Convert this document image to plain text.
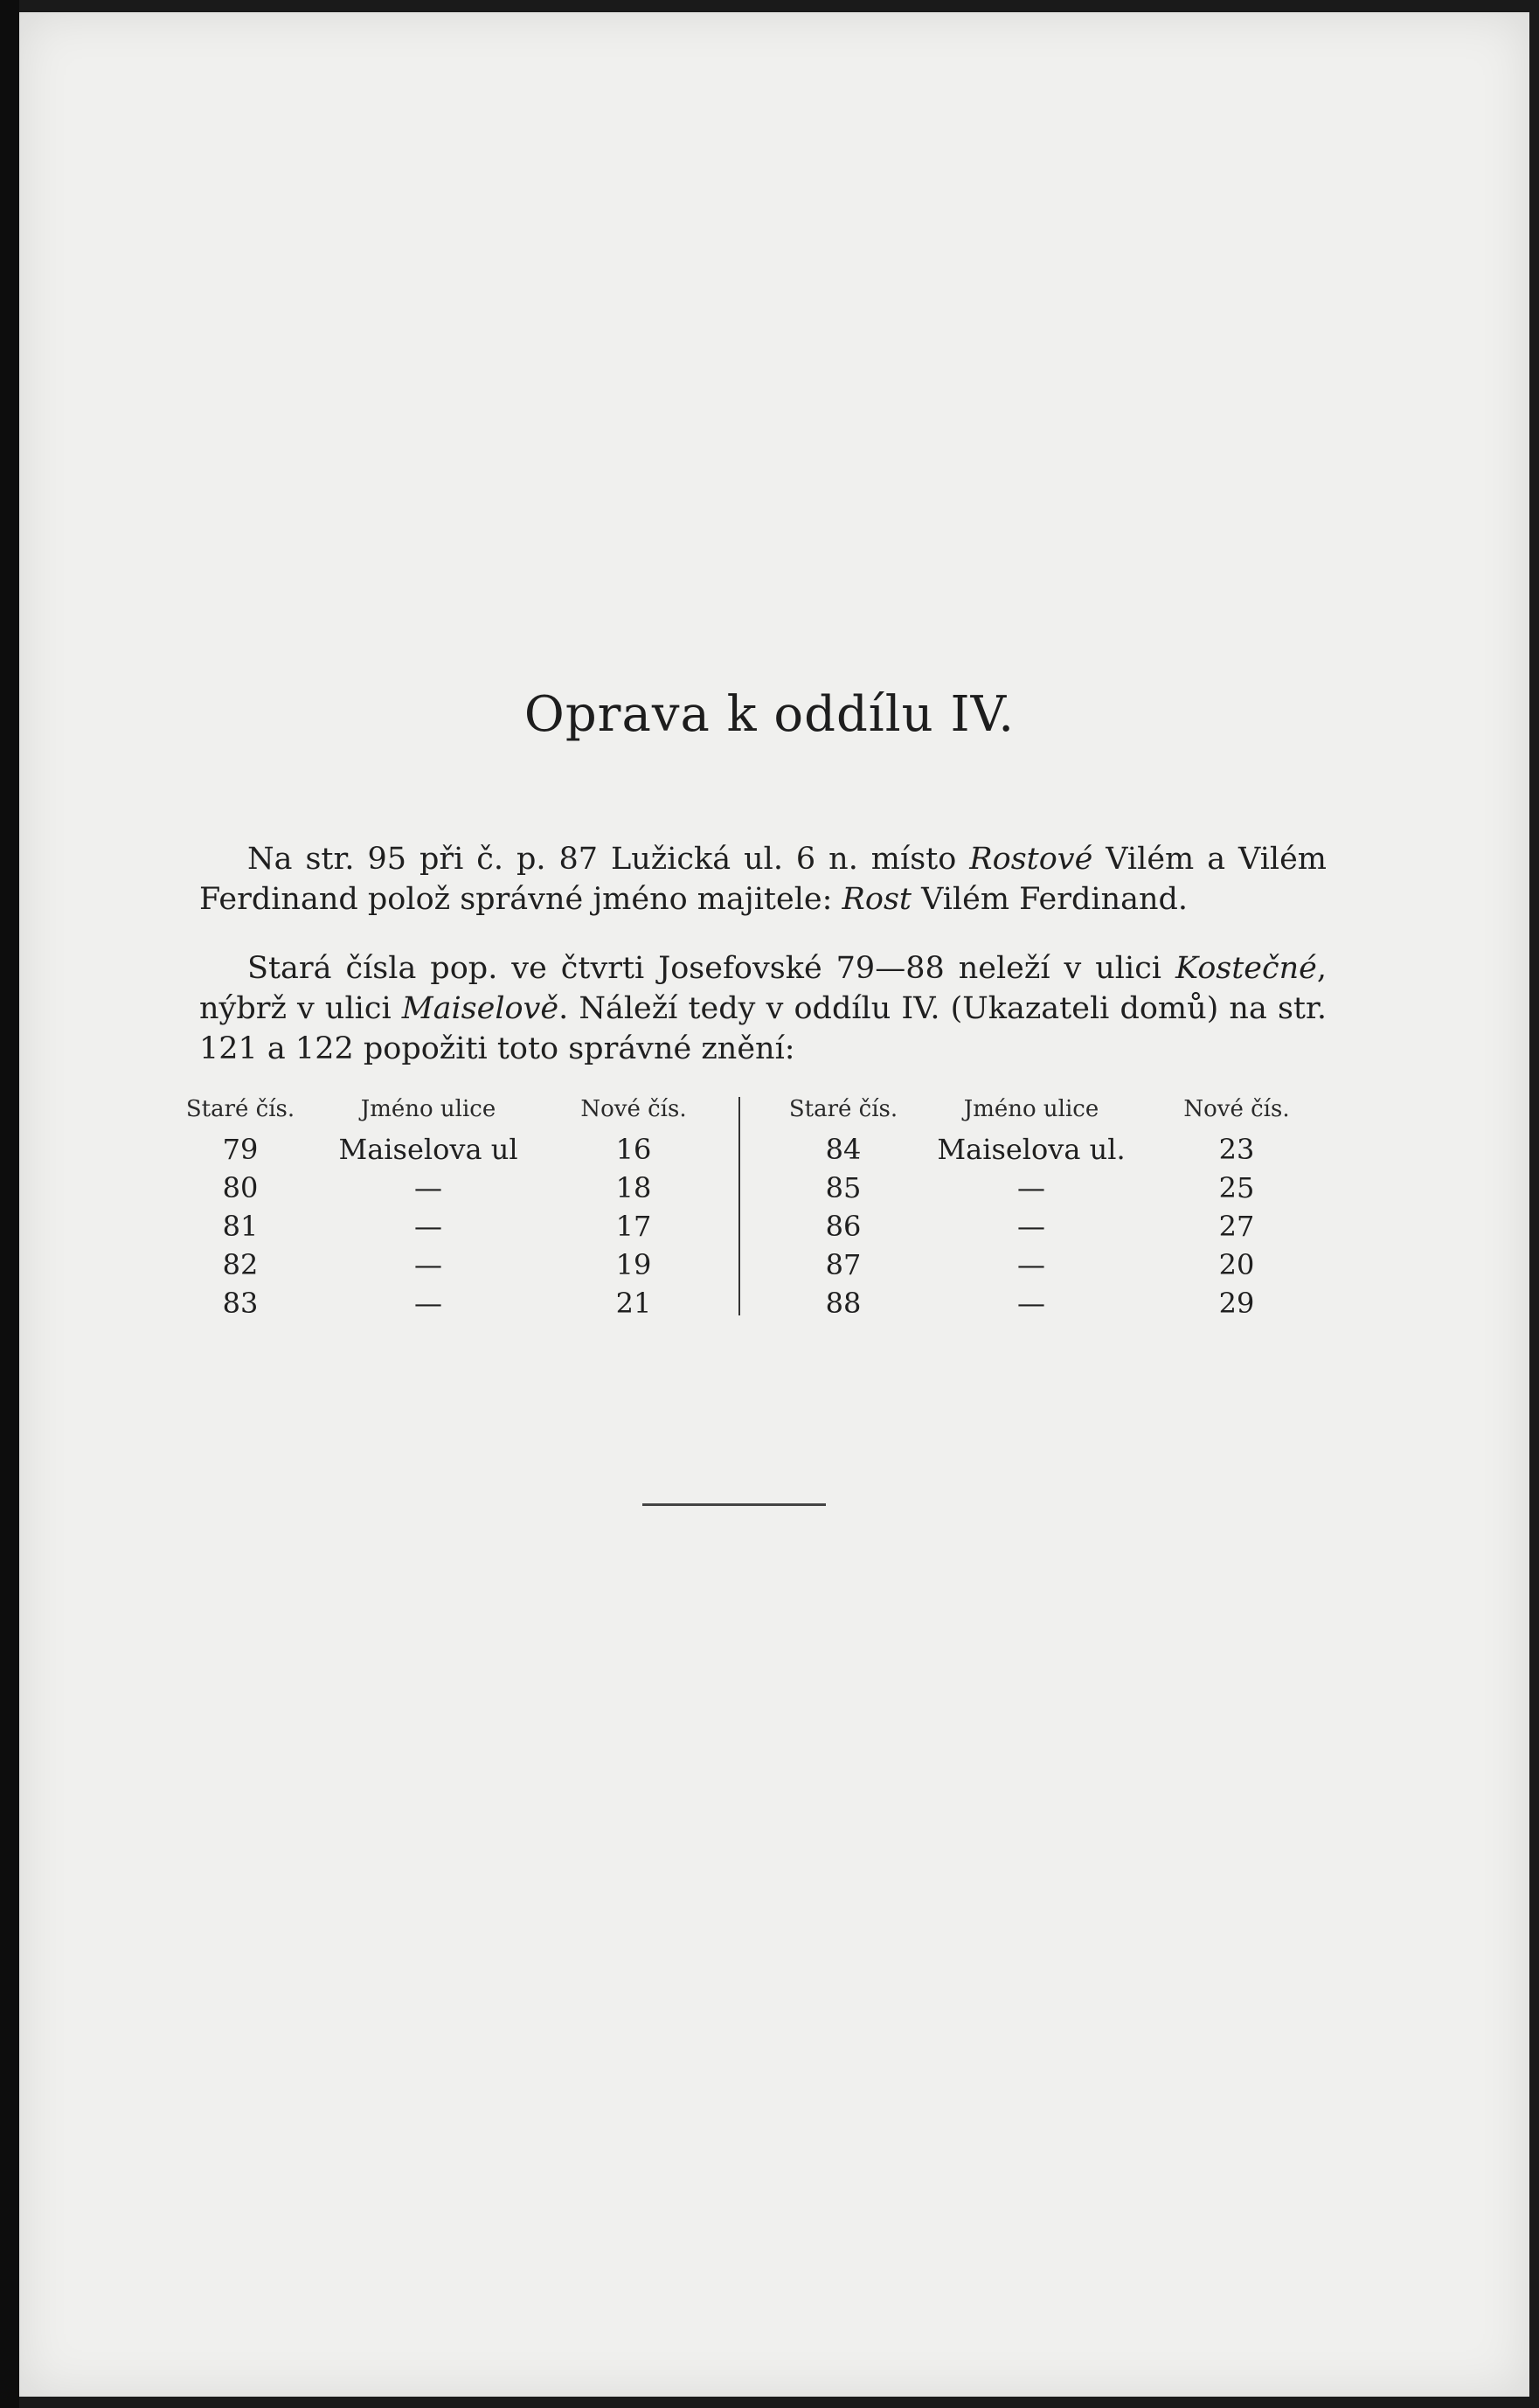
Oprava k oddílu IV.
Na str. 95 při č. p. 87 Lužická ul. 6 n. místo Rostové Vilém a Vilém Ferdinand polož správné jméno majitele: Rost Vilém Ferdinand.
Stará čísla pop. ve čtvrti Josefovské 79—88 neleží v ulici Kostečné, nýbrž v ulici Maiselově. Náleží tedy v oddílu IV. (Ukazateli domů) na str. 121 a 122 popožiti toto správné znění:
Staré čís.	Jméno ulice	Nové čís.
79	Maiselova ul	16
80	—	18
81	—	17
82	—	19
83	—	21
Staré čís.	Jméno ulice	Nové čís.
84	Maiselova ul.	23
85	—	25
86	—	27
87	—	20
88	—	29
